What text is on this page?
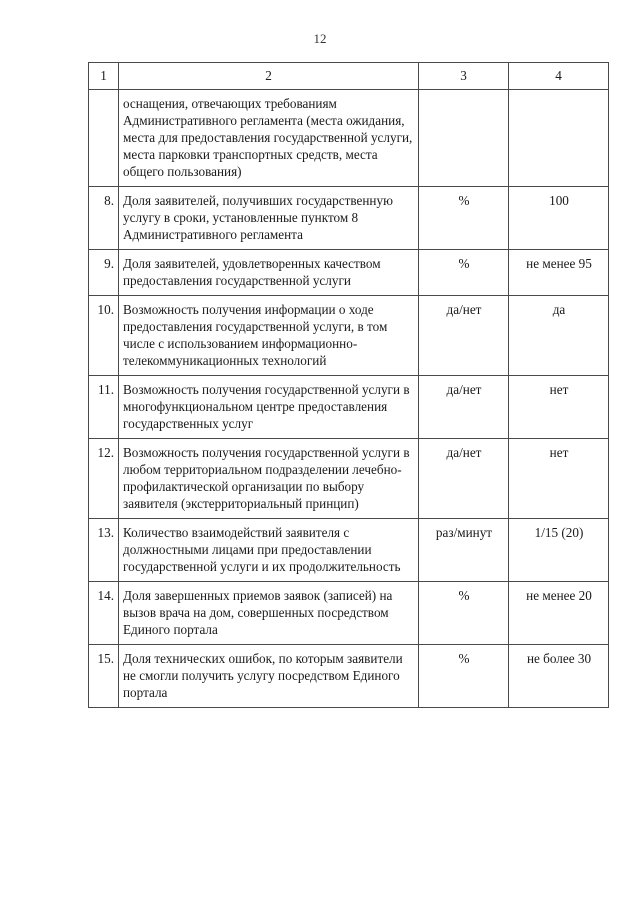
12
1	2	3	4
	оснащения, отвечающих требованиям Административного регламента (места ожидания, места для предоставления государственной услуги, места парковки транспортных средств, места общего пользования)		
8.	Доля заявителей, получивших государственную услугу в сроки, установленные пунктом 8 Административного регламента	%	100
9.	Доля заявителей, удовлетворенных качеством предоставления государственной услуги	%	не менее 95
10.	Возможность получения информации о ходе предоставления государственной услуги, в том числе с использованием информационно-телекоммуникационных технологий	да/нет	да
11.	Возможность получения государственной услуги в многофункциональном центре предоставления государственных услуг	да/нет	нет
12.	Возможность получения государственной услуги в любом территориальном подразделении лечебно-профилактической организации по выбору заявителя (экстерриториальный принцип)	да/нет	нет
13.	Количество взаимодействий заявителя с должностными лицами при предоставлении государственной услуги и их продолжительность	раз/минут	1/15 (20)
14.	Доля завершенных приемов заявок (записей) на вызов врача на дом, совершенных посредством Единого портала	%	не менее 20
15.	Доля технических ошибок, по которым заявители не смогли получить услугу посредством Единого портала	%	не более 30
